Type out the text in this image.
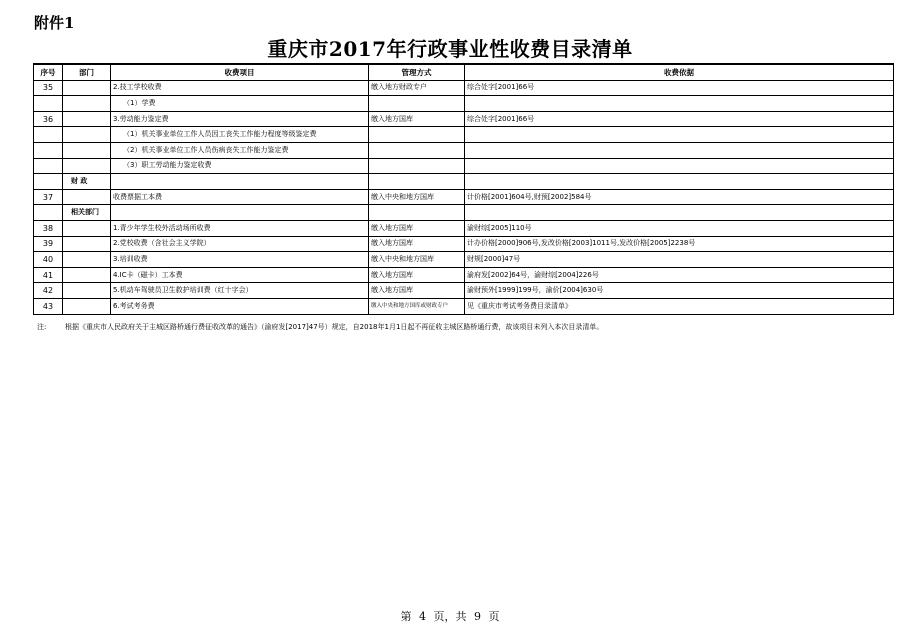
附件1
重庆市2017年行政事业性收费目录清单
序号	部门	收费项目	管理方式	收费依据
35		2.技工学校收费	缴入地方财政专户	综合处字[2001]66号
		（1）学费		
36		3.劳动能力鉴定费	缴入地方国库	综合处字[2001]66号
		（1）机关事业单位工作人员因工丧失工作能力程度等级鉴定费		
		（2）机关事业单位工作人员伤病丧失工作能力鉴定费		
		（3）职工劳动能力鉴定收费		
	财 政			
37		收费票据工本费	缴入中央和地方国库	计价格[2001]604号,财预[2002]584号
	相关部门			
38		1.青少年学生校外活动场所收费	缴入地方国库	渝财综[2005]110号
39		2.党校收费（含社会主义学院）	缴入地方国库	计办价格[2000]906号,发改价格[2003]1011号,发改价格[2005]2238号
40		3.培训收费	缴入中央和地方国库	财规[2000]47号
41		4.IC卡（磁卡）工本费	缴入地方国库	渝府发[2002]64号，渝财综[2004]226号
42		5.机动车驾驶员卫生救护培训费（红十字会）	缴入地方国库	渝财预外[1999]199号，渝价[2004]630号
43		6.考试考务费	缴入中央和地方国库或财政专户	见《重庆市考试考务费目录清单》
注:	根据《重庆市人民政府关于主城区路桥通行费征收改革的通告》（渝府发[2017]47号）规定，自2018年1月1日起不再征收主城区路桥通行费，故该项目未列入本次目录清单。
第 4 页，共 9 页
